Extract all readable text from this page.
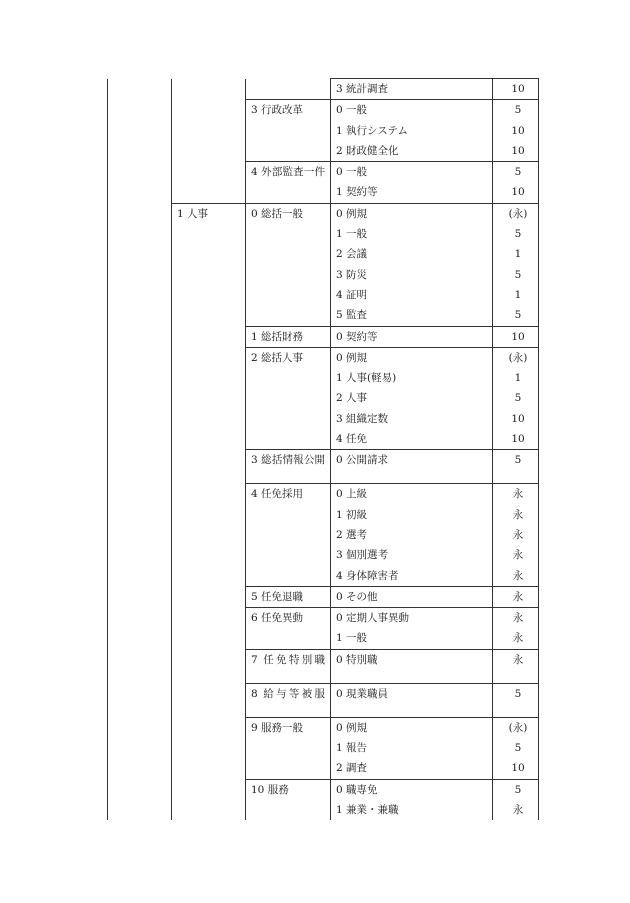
			3 統計調査	10
		3 行政改革	0 一般	5
			1 執行システム	10
			2 財政健全化	10
		4 外部監査一件	0 一般	5
			1 契約等	10
	1 人事	0 総括一般	0 例規	(永)
			1 一般	5
			2 会議	1
			3 防災	5
			4 証明	1
			5 監査	5
		1 総括財務	0 契約等	10
		2 総括人事	0 例規	(永)
			1 人事(軽易)	1
			2 人事	5
			3 組織定数	10
			4 任免	10
		3 総括情報公開	0 公開請求	5
		4 任免採用	0 上級	永
			1 初級	永
			2 選考	永
			3 個別選考	永
			4 身体障害者	永
		5 任免退職	0 その他	永
		6 任免異動	0 定期人事異動	永
			1 一般	永
		7 任免特別職	0 特別職	永
		8 給与等被服	0 現業職員	5
		9 服務一般	0 例規	(永)
			1 報告	5
			2 調査	10
		10 服務	0 職専免	5
			1 兼業・兼職	永
